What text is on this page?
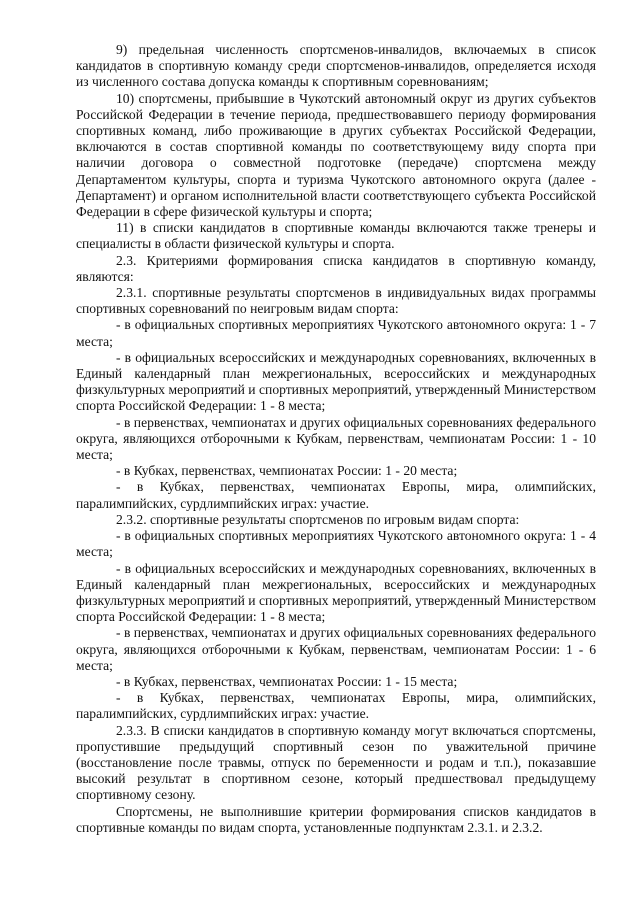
9) предельная численность спортсменов-инвалидов, включаемых в список кандидатов в спортивную команду среди спортсменов-инвалидов, определяется исходя из численного состава допуска команды к спортивным соревнованиям;

10) спортсмены, прибывшие в Чукотский автономный округ из других субъектов Российской Федерации в течение периода, предшествовавшего периоду формирования спортивных команд, либо проживающие в других субъектах Российской Федерации, включаются в состав спортивной команды по соответствующему виду спорта при наличии договора о совместной подготовке (передаче) спортсмена между Департаментом культуры, спорта и туризма Чукотского автономного округа (далее - Департамент) и органом исполнительной власти соответствующего субъекта Российской Федерации в сфере физической культуры и спорта;

11) в списки кандидатов в спортивные команды включаются также тренеры и специалисты в области физической культуры и спорта.

2.3. Критериями формирования списка кандидатов в спортивную команду, являются:

2.3.1. спортивные результаты спортсменов в индивидуальных видах программы спортивных соревнований по неигровым видам спорта:

- в официальных спортивных мероприятиях Чукотского автономного округа: 1 - 7 места;

- в официальных всероссийских и международных соревнованиях, включенных в Единый календарный план межрегиональных, всероссийских и международных физкультурных мероприятий и спортивных мероприятий, утвержденный Министерством спорта Российской Федерации: 1 - 8 места;

- в первенствах, чемпионатах и других официальных соревнованиях федерального округа, являющихся отборочными к Кубкам, первенствам, чемпионатам России: 1 - 10 места;

- в Кубках, первенствах, чемпионатах России: 1 - 20 места;

- в Кубках, первенствах, чемпионатах Европы, мира, олимпийских, паралимпийских, сурдлимпийских играх: участие.

2.3.2. спортивные результаты спортсменов по игровым видам спорта:

- в официальных спортивных мероприятиях Чукотского автономного округа: 1 - 4 места;

- в официальных всероссийских и международных соревнованиях, включенных в Единый календарный план межрегиональных, всероссийских и международных физкультурных мероприятий и спортивных мероприятий, утвержденный Министерством спорта Российской Федерации: 1 - 8 места;

- в первенствах, чемпионатах и других официальных соревнованиях федерального округа, являющихся отборочными к Кубкам, первенствам, чемпионатам России: 1 - 6 места;

- в Кубках, первенствах, чемпионатах России: 1 - 15 места;

- в Кубках, первенствах, чемпионатах Европы, мира, олимпийских, паралимпийских, сурдлимпийских играх: участие.

2.3.3. В списки кандидатов в спортивную команду могут включаться спортсмены, пропустившие предыдущий спортивный сезон по уважительной причине (восстановление после травмы, отпуск по беременности и родам и т.п.), показавшие высокий результат в спортивном сезоне, который предшествовал предыдущему спортивному сезону.

Спортсмены, не выполнившие критерии формирования списков кандидатов в спортивные команды по видам спорта, установленные подпунктам 2.3.1. и 2.3.2.
